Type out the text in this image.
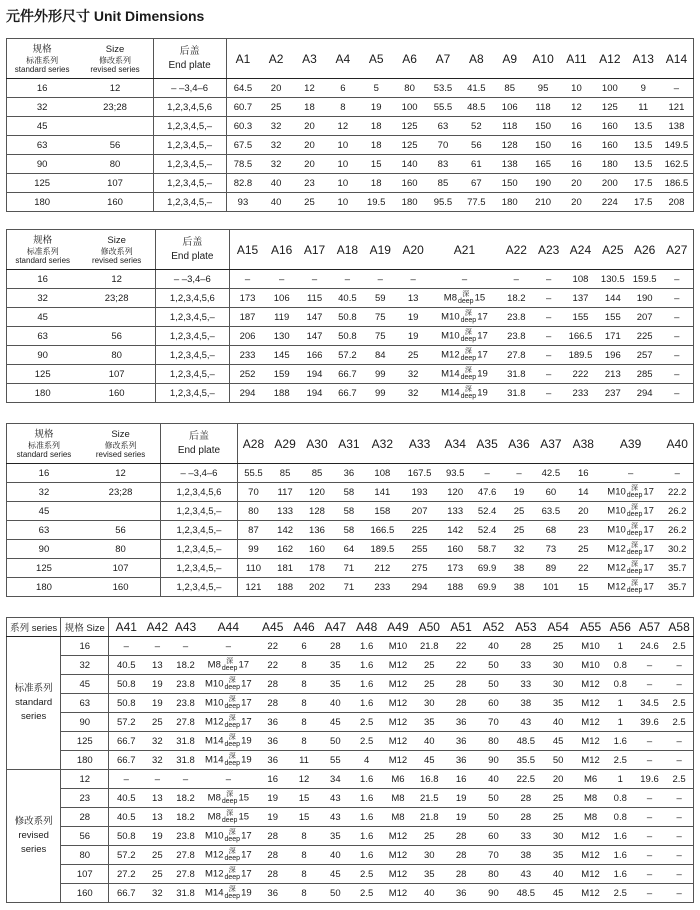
元件外形尺寸 Unit Dimensions
规格
标准系列
standard series	Size
修改系列
revised series	后盖
End plate	A1	A2	A3	A4	A5	A6	A7	A8	A9	A10	A11	A12	A13	A14
16	12	– –3,4–6	64.5	20	12	6	5	80	53.5	41.5	85	95	10	100	9	–
32	23;28	1,2,3,4,5,6	60.7	25	18	8	19	100	55.5	48.5	106	118	12	125	11	121
45		1,2,3,4,5,–	60.3	32	20	12	18	125	63	52	118	150	16	160	13.5	138
63	56	1,2,3,4,5,–	67.5	32	20	10	18	125	70	56	128	150	16	160	13.5	149.5
90	80	1,2,3,4,5,–	78.5	32	20	10	15	140	83	61	138	165	16	180	13.5	162.5
125	107	1,2,3,4,5,–	82.8	40	23	10	18	160	85	67	150	190	20	200	17.5	186.5
180	160	1,2,3,4,5,–	93	40	25	10	19.5	180	95.5	77.5	180	210	20	224	17.5	208
规格
标准系列
standard series	Size
修改系列
revised series	后盖
End plate	A15	A16	A17	A18	A19	A20	A21	A22	A23	A24	A25	A26	A27
16	12	– –3,4–6	–	–	–	–	–	–	–	–	–	108	130.5	159.5	–
32	23;28	1,2,3,4,5,6	173	106	115	40.5	59	13	M8 深
deep 15	18.2	–	137	144	190	–
45		1,2,3,4,5,–	187	119	147	50.8	75	19	M10 深
deep 17	23.8	–	155	155	207	–
63	56	1,2,3,4,5,–	206	130	147	50.8	75	19	M10 深
deep 17	23.8	–	166.5	171	225	–
90	80	1,2,3,4,5,–	233	145	166	57.2	84	25	M12 深
deep 17	27.8	–	189.5	196	257	–
125	107	1,2,3,4,5,–	252	159	194	66.7	99	32	M14 深
deep 19	31.8	–	222	213	285	–
180	160	1,2,3,4,5,–	294	188	194	66.7	99	32	M14 深
deep 19	31.8	–	233	237	294	–
规格
标准系列
standard series	Size
修改系列
revised series	后盖
End plate	A28	A29	A30	A31	A32	A33	A34	A35	A36	A37	A38	A39	A40
16	12	– –3,4–6	55.5	85	85	36	108	167.5	93.5	–	–	42.5	16	–	–
32	23;28	1,2,3,4,5,6	70	117	120	58	141	193	120	47.6	19	60	14	M10 深
deep 17	22.2
45		1,2,3,4,5,–	80	133	128	58	158	207	133	52.4	25	63.5	20	M10 深
deep 17	26.2
63	56	1,2,3,4,5,–	87	142	136	58	166.5	225	142	52.4	25	68	23	M10 深
deep 17	26.2
90	80	1,2,3,4,5,–	99	162	160	64	189.5	255	160	58.7	32	73	25	M12 深
deep 17	30.2
125	107	1,2,3,4,5,–	110	181	178	71	212	275	173	69.9	38	89	22	M12 深
deep 17	35.7
180	160	1,2,3,4,5,–	121	188	202	71	233	294	188	69.9	38	101	15	M12 深
deep 17	35.7
系列 series	规格 Size	A41	A42	A43	A44	A45	A46	A47	A48	A49	A50	A51	A52	A53	A54	A55	A56	A57	A58

标准系列
standard
series	16	–	–	–	–	22	6	28	1.6	M10	21.8	22	40	28	25	M10	1	24.6	2.5
	32	40.5	13	18.2	M8 深
deep 17	22	8	35	1.6	M12	25	22	50	33	30	M10	0.8	–	–
	45	50.8	19	23.8	M10 深
deep 17	28	8	35	1.6	M12	25	28	50	33	30	M12	0.8	–	–
	63	50.8	19	23.8	M10 深
deep 17	28	8	40	1.6	M12	30	28	60	38	35	M12	1	34.5	2.5
	90	57.2	25	27.8	M12 深
deep 17	36	8	45	2.5	M12	35	36	70	43	40	M12	1	39.6	2.5
	125	66.7	32	31.8	M14 深
deep 19	36	8	50	2.5	M12	40	36	80	48.5	45	M12	1.6	–	–
	180	66.7	32	31.8	M14 深
deep 19	36	11	55	4	M12	45	36	90	35.5	50	M12	2.5	–	–

修改系列
revised
series	12	–	–	–	–	16	12	34	1.6	M6	16.8	16	40	22.5	20	M6	1	19.6	2.5
	23	40.5	13	18.2	M8 深
deep 15	19	15	43	1.6	M8	21.5	19	50	28	25	M8	0.8	–	–
	28	40.5	13	18.2	M8 深
deep 15	19	15	43	1.6	M8	21.8	19	50	28	25	M8	0.8	–	–
	56	50.8	19	23.8	M10 深
deep 17	28	8	35	1.6	M12	25	28	60	33	30	M12	1.6	–	–
	80	57.2	25	27.8	M12 深
deep 17	28	8	40	1.6	M12	30	28	70	38	35	M12	1.6	–	–
	107	27.2	25	27.8	M12 深
deep 17	28	8	45	2.5	M12	35	28	80	43	40	M12	1.6	–	–
	160	66.7	32	31.8	M14 深
deep 19	36	8	50	2.5	M12	40	36	90	48.5	45	M12	2.5	–	–
